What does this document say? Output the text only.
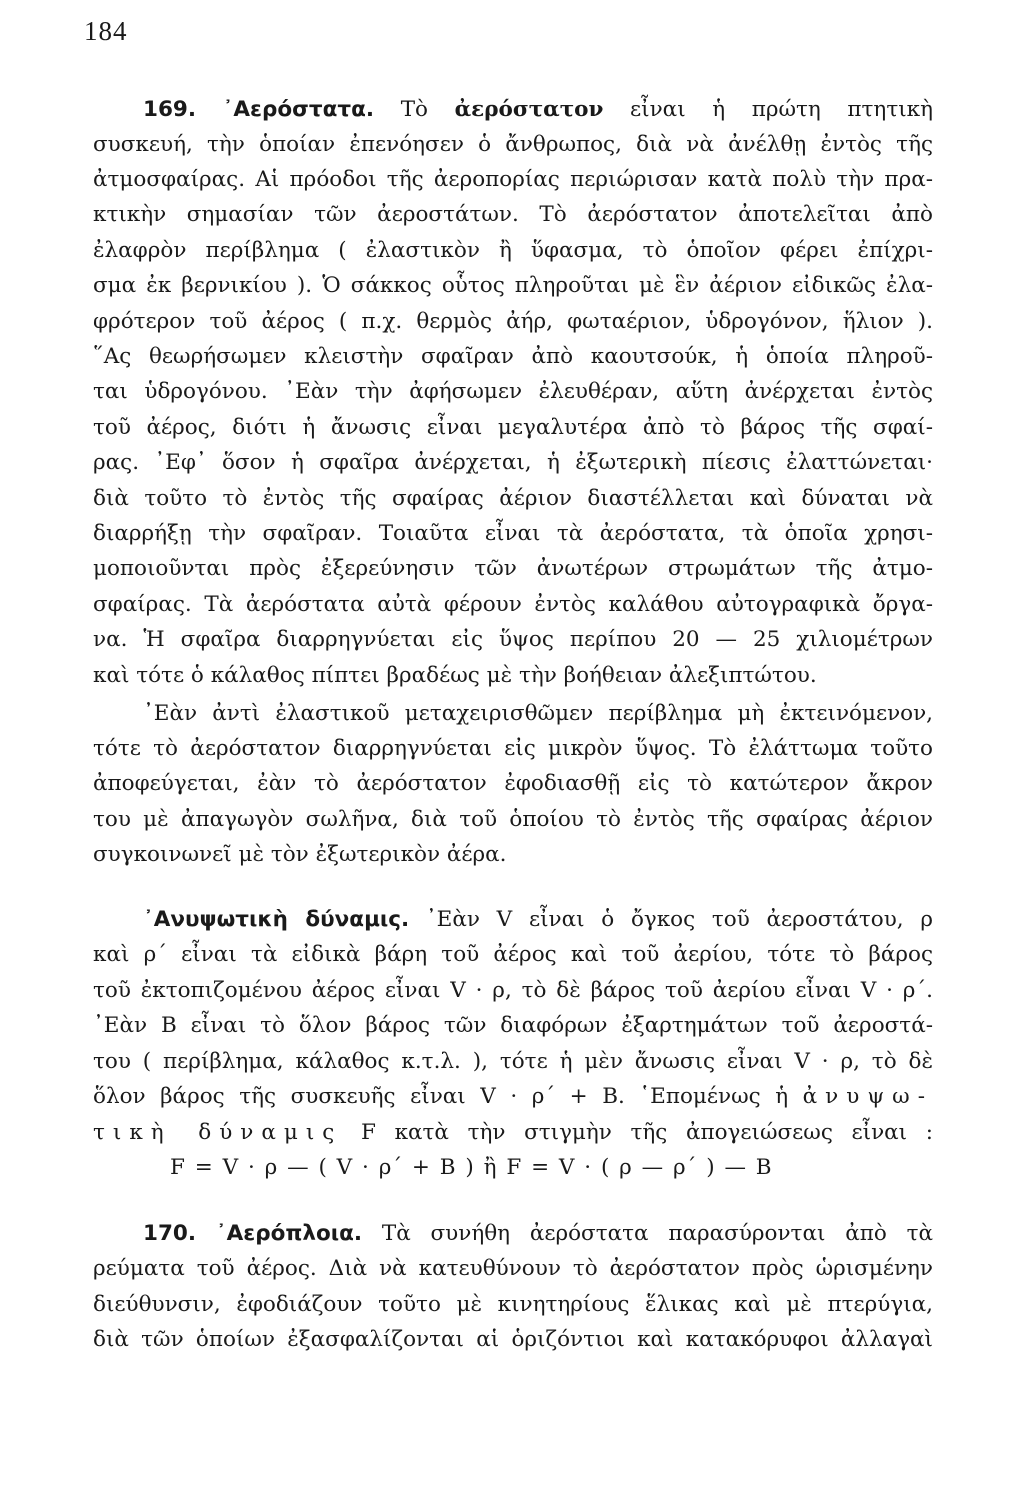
184
169. ᾿Αερόστατα. Τὸ ἀερόστατον εἶναι ἡ πρώτη πτητικὴ
συσκευή, τὴν ὁποίαν ἐπενόησεν ὁ ἄνθρωπος, διὰ νὰ ἀνέλθῃ ἐντὸς τῆς
ἀτμοσφαίρας. Αἱ πρόοδοι τῆς ἀεροπορίας περιώρισαν κατὰ πολὺ τὴν πρα-
κτικὴν σημασίαν τῶν ἀεροστάτων. Τὸ ἀερόστατον ἀποτελεῖται ἀπὸ
ἐλαφρὸν περίβλημα ( ἐλαστικὸν ἢ ὕφασμα, τὸ ὁποῖον φέρει ἐπίχρι-
σμα ἐκ βερνικίου ). Ὁ σάκκος οὗτος πληροῦται μὲ ἓν ἀέριον εἰδικῶς ἐλα-
φρότερον τοῦ ἀέρος ( π.χ. θερμὸς ἀήρ, φωταέριον, ὑδρογόνον, ἥλιον ).
῞Ας θεωρήσωμεν κλειστὴν σφαῖραν ἀπὸ καουτσούκ, ἡ ὁποία πληροῦ-
ται ὑδρογόνου. ᾿Εὰν τὴν ἀφήσωμεν ἐλευθέραν, αὕτη ἀνέρχεται ἐντὸς
τοῦ ἀέρος, διότι ἡ ἄνωσις εἶναι μεγαλυτέρα ἀπὸ τὸ βάρος τῆς σφαί-
ρας. ᾿Εφ᾿ ὅσον ἡ σφαῖρα ἀνέρχεται, ἡ ἐξωτερικὴ πίεσις ἐλαττώνεται·
διὰ τοῦτο τὸ ἐντὸς τῆς σφαίρας ἀέριον διαστέλλεται καὶ δύναται νὰ
διαρρήξῃ τὴν σφαῖραν. Τοιαῦτα εἶναι τὰ ἀερόστατα, τὰ ὁποῖα χρησι-
μοποιοῦνται πρὸς ἐξερεύνησιν τῶν ἀνωτέρων στρωμάτων τῆς ἀτμο-
σφαίρας. Τὰ ἀερόστατα αὐτὰ φέρουν ἐντὸς καλάθου αὐτογραφικὰ ὄργα-
να. Ἡ σφαῖρα διαρρηγνύεται εἰς ὕψος περίπου 20 — 25 χιλιομέτρων
καὶ τότε ὁ κάλαθος πίπτει βραδέως μὲ τὴν βοήθειαν ἀλεξιπτώτου.
᾿Εὰν ἀντὶ ἐλαστικοῦ μεταχειρισθῶμεν περίβλημα μὴ ἐκτεινόμενον,
τότε τὸ ἀερόστατον διαρρηγνύεται εἰς μικρὸν ὕψος. Τὸ ἐλάττωμα τοῦτο
ἀποφεύγεται, ἐὰν τὸ ἀερόστατον ἐφοδιασθῇ εἰς τὸ κατώτερον ἄκρον
του μὲ ἀπαγωγὸν σωλῆνα, διὰ τοῦ ὁποίου τὸ ἐντὸς τῆς σφαίρας ἀέριον
συγκοινωνεῖ μὲ τὸν ἐξωτερικὸν ἀέρα.
᾿Ανυψωτικὴ δύναμις. ᾿Εὰν V εἶναι ὁ ὄγκος τοῦ ἀεροστάτου, ρ
καὶ ρ΄ εἶναι τὰ εἰδικὰ βάρη τοῦ ἀέρος καὶ τοῦ ἀερίου, τότε τὸ βάρος
τοῦ ἐκτοπιζομένου ἀέρος εἶναι V · ρ, τὸ δὲ βάρος τοῦ ἀερίου εἶναι V · ρ΄.
᾿Εὰν B εἶναι τὸ ὅλον βάρος τῶν διαφόρων ἐξαρτημάτων τοῦ ἀεροστά-
του ( περίβλημα, κάλαθος κ.τ.λ. ), τότε ἡ μὲν ἄνωσις εἶναι V · ρ, τὸ δὲ
ὅλον βάρος τῆς συσκευῆς εἶναι V · ρ΄ + B. ῾Επομένως ἡ ἀνυψω-
τικὴ δύναμις F κατὰ τὴν στιγμὴν τῆς ἀπογειώσεως εἶναι :
F = V · ρ — ( V · ρ΄ + B ) ἢ F = V · ( ρ — ρ΄ ) — B
170. ᾿Αερόπλοια. Τὰ συνήθη ἀερόστατα παρασύρονται ἀπὸ τὰ
ρεύματα τοῦ ἀέρος. Διὰ νὰ κατευθύνουν τὸ ἀερόστατον πρὸς ὡρισμένην
διεύθυνσιν, ἐφοδιάζουν τοῦτο μὲ κινητηρίους ἕλικας καὶ μὲ πτερύγια,
διὰ τῶν ὁποίων ἐξασφαλίζονται αἱ ὁριζόντιοι καὶ κατακόρυφοι ἀλλαγαὶ
